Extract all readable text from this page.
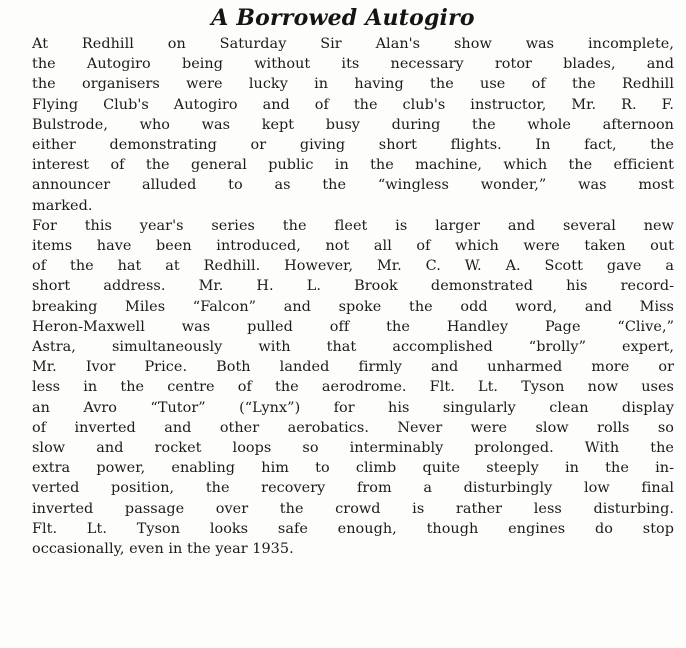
A Borrowed Autogiro
At Redhill on Saturday Sir Alan's show was incomplete,
the Autogiro being without its necessary rotor blades, and
the organisers were lucky in having the use of the Redhill
Flying Club's Autogiro and of the club's instructor, Mr. R. F.
Bulstrode, who was kept busy during the whole afternoon
either demonstrating or giving short flights. In fact, the
interest of the general public in the machine, which the efficient
announcer alluded to as the “wingless wonder,” was most
marked.
For this year's series the fleet is larger and several new
items have been introduced, not all of which were taken out
of the hat at Redhill. However, Mr. C. W. A. Scott gave a
short address. Mr. H. L. Brook demonstrated his record-
breaking Miles “Falcon” and spoke the odd word, and Miss
Heron-Maxwell was pulled off the Handley Page “Clive,”
Astra, simultaneously with that accomplished “brolly” expert,
Mr. Ivor Price. Both landed firmly and unharmed more or
less in the centre of the aerodrome. Flt. Lt. Tyson now uses
an Avro “Tutor” (“Lynx”) for his singularly clean display
of inverted and other aerobatics. Never were slow rolls so
slow and rocket loops so interminably prolonged. With the
extra power, enabling him to climb quite steeply in the in-
verted position, the recovery from a disturbingly low final
inverted passage over the crowd is rather less disturbing.
Flt. Lt. Tyson looks safe enough, though engines do stop
occasionally, even in the year 1935.
